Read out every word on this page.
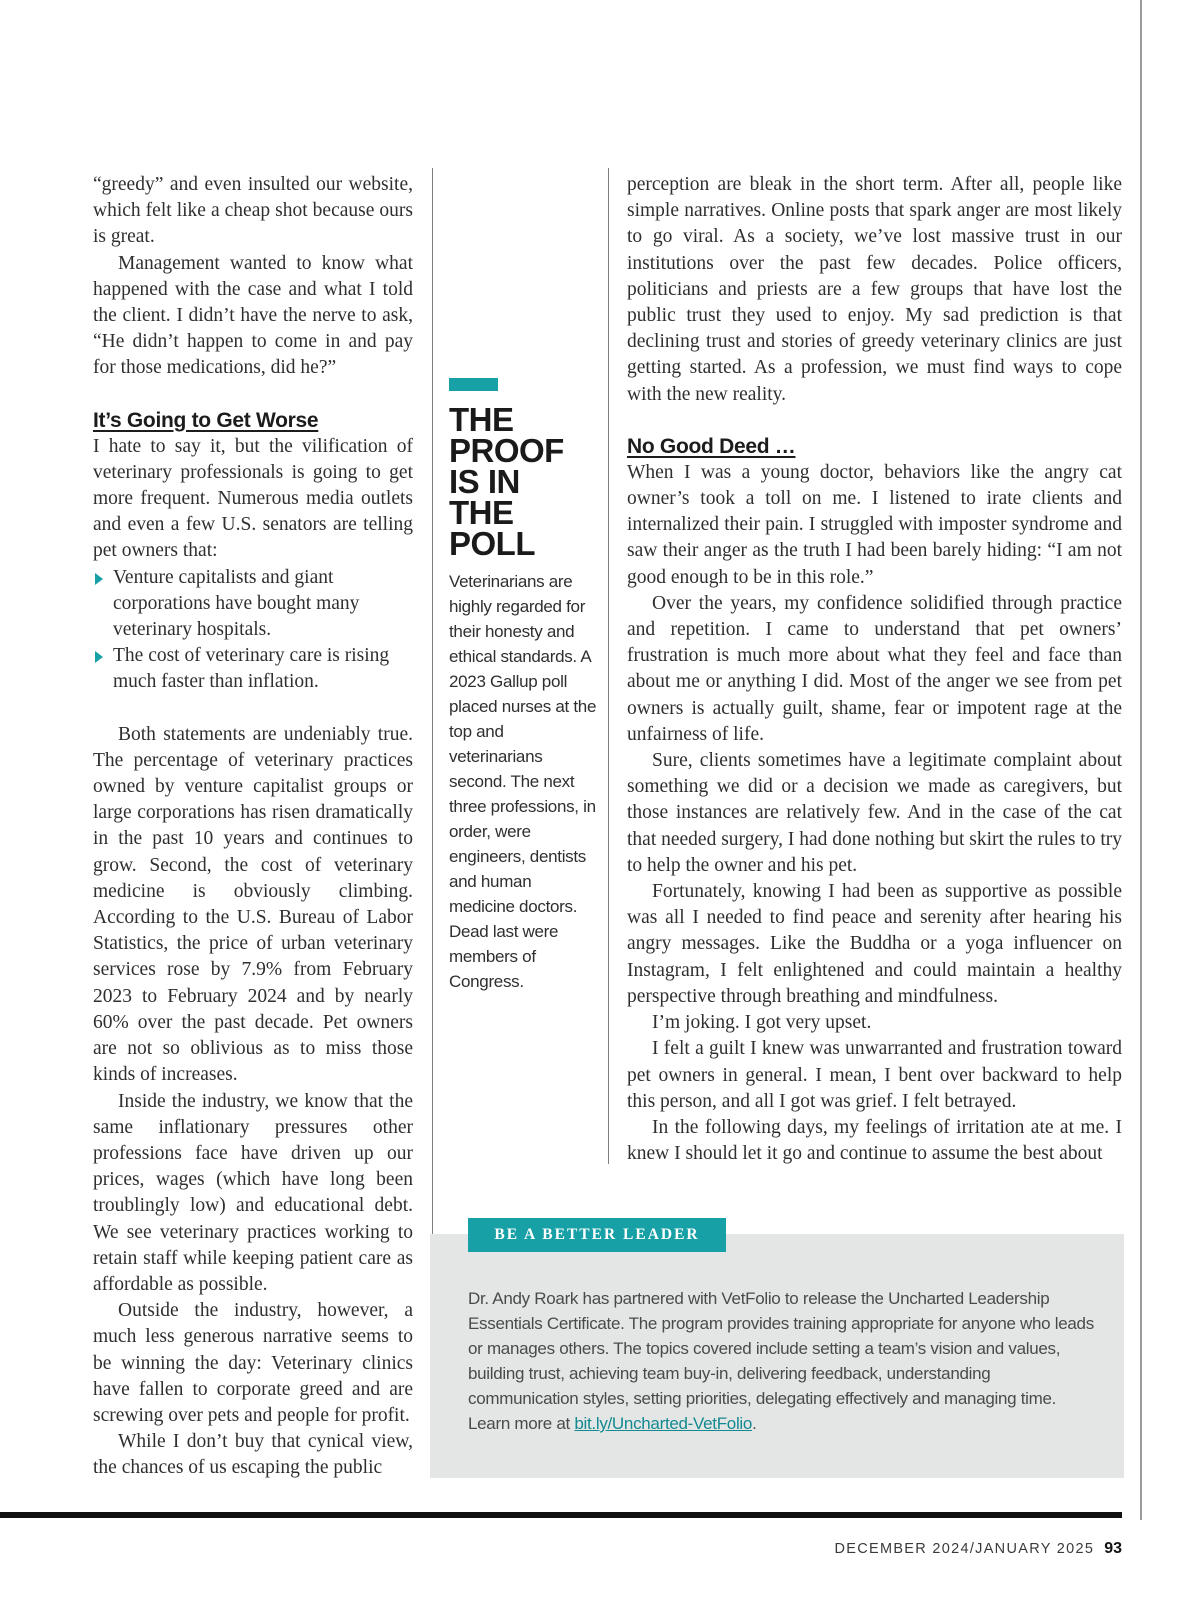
“greedy” and even insulted our website, which felt like a cheap shot because ours is great.

Management wanted to know what happened with the case and what I told the client. I didn’t have the nerve to ask, “He didn’t happen to come in and pay for those medications, did he?”

It’s Going to Get Worse

I hate to say it, but the vilification of veterinary professionals is going to get more frequent. Numerous media outlets and even a few U.S. senators are telling pet owners that:

Venture capitalists and giant corporations have bought many veterinary hospitals.
The cost of veterinary care is rising much faster than inflation.

Both statements are undeniably true. The percentage of veterinary practices owned by venture capitalist groups or large corporations has risen dramatically in the past 10 years and continues to grow. Second, the cost of veterinary medicine is obviously climbing. According to the U.S. Bureau of Labor Statistics, the price of urban veterinary services rose by 7.9% from February 2023 to February 2024 and by nearly 60% over the past decade. Pet owners are not so oblivious as to miss those kinds of increases.

Inside the industry, we know that the same inflationary pressures other professions face have driven up our prices, wages (which have long been troublingly low) and educational debt. We see veterinary practices working to retain staff while keeping patient care as affordable as possible.

Outside the industry, however, a much less generous narrative seems to be winning the day: Veterinary clinics have fallen to corporate greed and are screwing over pets and people for profit.

While I don’t buy that cynical view, the chances of us escaping the public

THE
PROOF
IS IN
THE POLL

Veterinarians are highly regarded for their honesty and ethical standards. A 2023 Gallup poll placed nurses at the top and veterinarians second. The next three professions, in order, were engineers, dentists and human medicine doctors. Dead last were members of Congress.

perception are bleak in the short term. After all, people like simple narratives. Online posts that spark anger are most likely to go viral. As a society, we’ve lost massive trust in our institutions over the past few decades. Police officers, politicians and priests are a few groups that have lost the public trust they used to enjoy. My sad prediction is that declining trust and stories of greedy veterinary clinics are just getting started. As a profession, we must find ways to cope with the new reality.

No Good Deed …

When I was a young doctor, behaviors like the angry cat owner’s took a toll on me. I listened to irate clients and internalized their pain. I struggled with imposter syndrome and saw their anger as the truth I had been barely hiding: “I am not good enough to be in this role.”

Over the years, my confidence solidified through practice and repetition. I came to understand that pet owners’ frustration is much more about what they feel and face than about me or anything I did. Most of the anger we see from pet owners is actually guilt, shame, fear or impotent rage at the unfairness of life.

Sure, clients sometimes have a legitimate complaint about something we did or a decision we made as caregivers, but those instances are relatively few. And in the case of the cat that needed surgery, I had done nothing but skirt the rules to try to help the owner and his pet.

Fortunately, knowing I had been as supportive as possible was all I needed to find peace and serenity after hearing his angry messages. Like the Buddha or a yoga influencer on Instagram, I felt enlightened and could maintain a healthy perspective through breathing and mindfulness.

I’m joking. I got very upset.

I felt a guilt I knew was unwarranted and frustration toward pet owners in general. I mean, I bent over backward to help this person, and all I got was grief. I felt betrayed.

In the following days, my feelings of irritation ate at me. I knew I should let it go and continue to assume the best about

BE A BETTER LEADER

Dr. Andy Roark has partnered with VetFolio to release the Uncharted Leadership Essentials Certificate. The program provides training appropriate for anyone who leads or manages others. The topics covered include setting a team’s vision and values, building trust, achieving team buy-in, delivering feedback, understanding communication styles, setting priorities, delegating effectively and managing time. Learn more at bit.ly/Uncharted-VetFolio.

DECEMBER 2024/JANUARY 2025 93
